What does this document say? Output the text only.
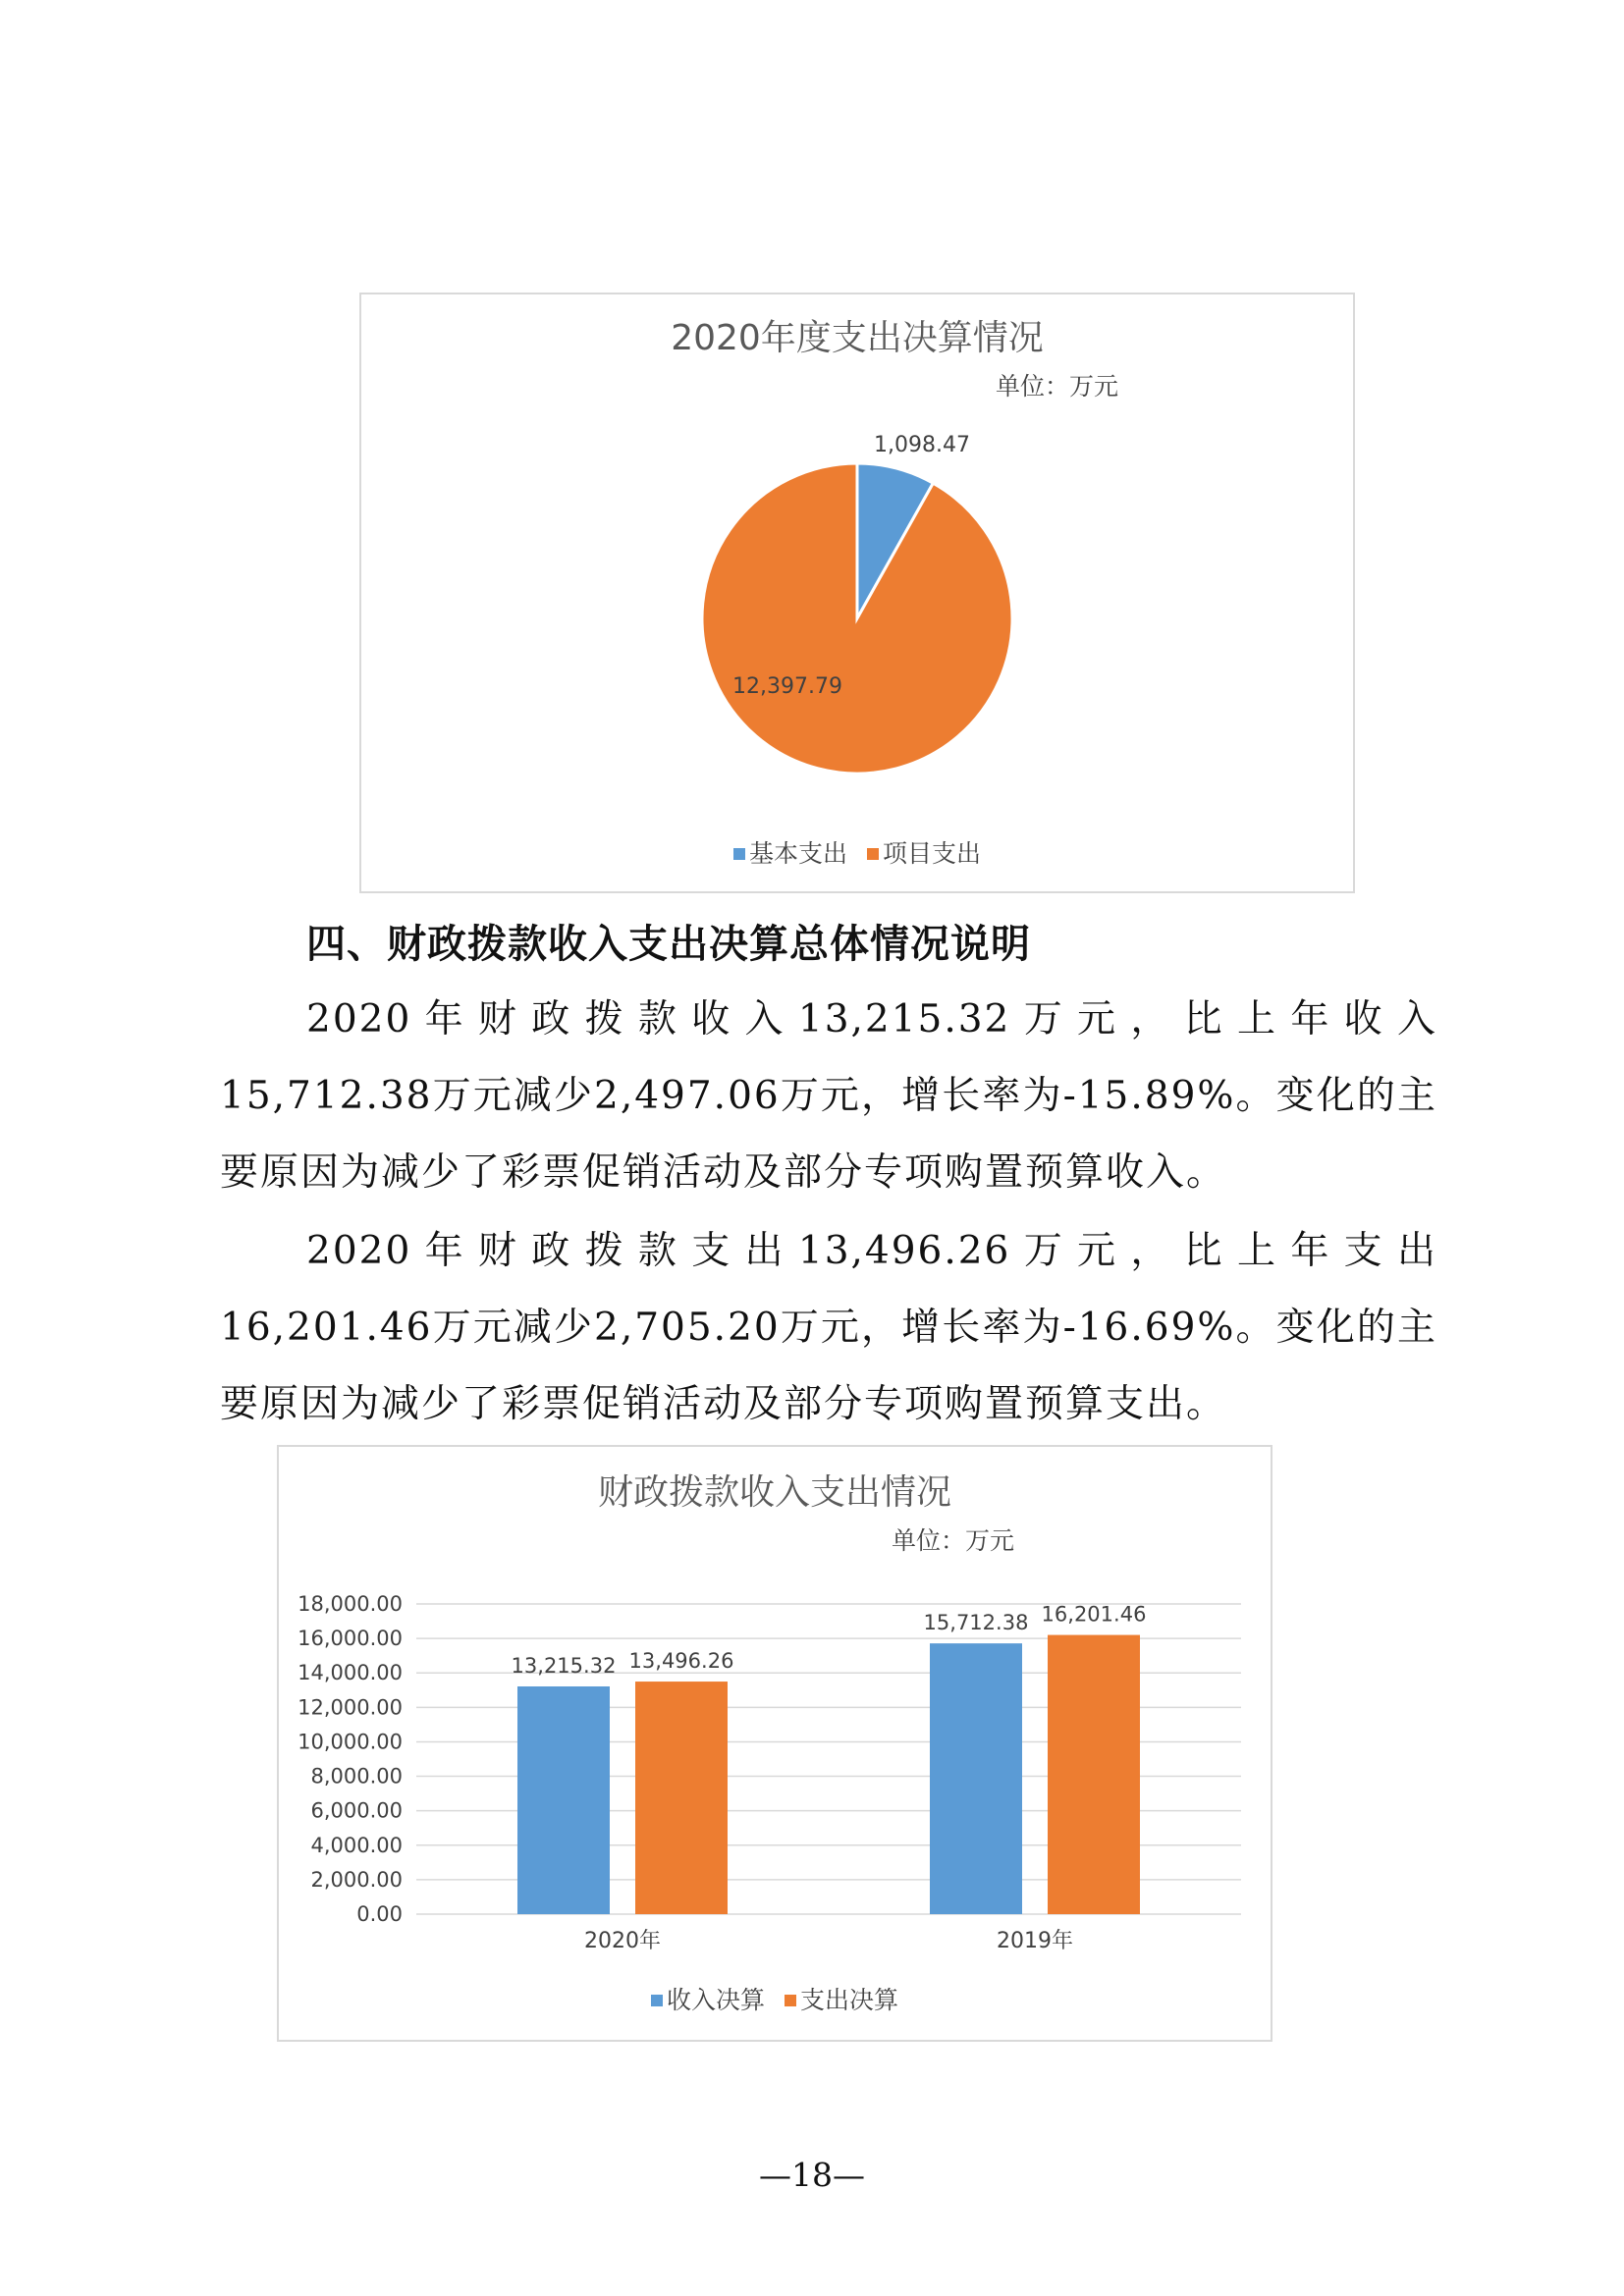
2020年度支出决算情况
单位：万元
1,098.47
12,397.79
基本支出 项目支出
四、财政拨款收入支出决算总体情况说明
2020年财政拨款收入13,215.32万元，比上年收入15,712.38万元减少2,497.06万元，增长率为-15.89%。变化的主要原因为减少了彩票促销活动及部分专项购置预算收入。
2020年财政拨款支出13,496.26万元，比上年支出16,201.46万元减少2,705.20万元，增长率为-16.69%。变化的主要原因为减少了彩票促销活动及部分专项购置预算支出。
财政拨款收入支出情况
单位：万元
0.00
2,000.00
4,000.00
6,000.00
8,000.00
10,000.00
12,000.00
14,000.00
16,000.00
18,000.00
13,215.32 13,496.26
2020年
15,712.38 16,201.46
2019年
收入决算 支出决算
—18—
